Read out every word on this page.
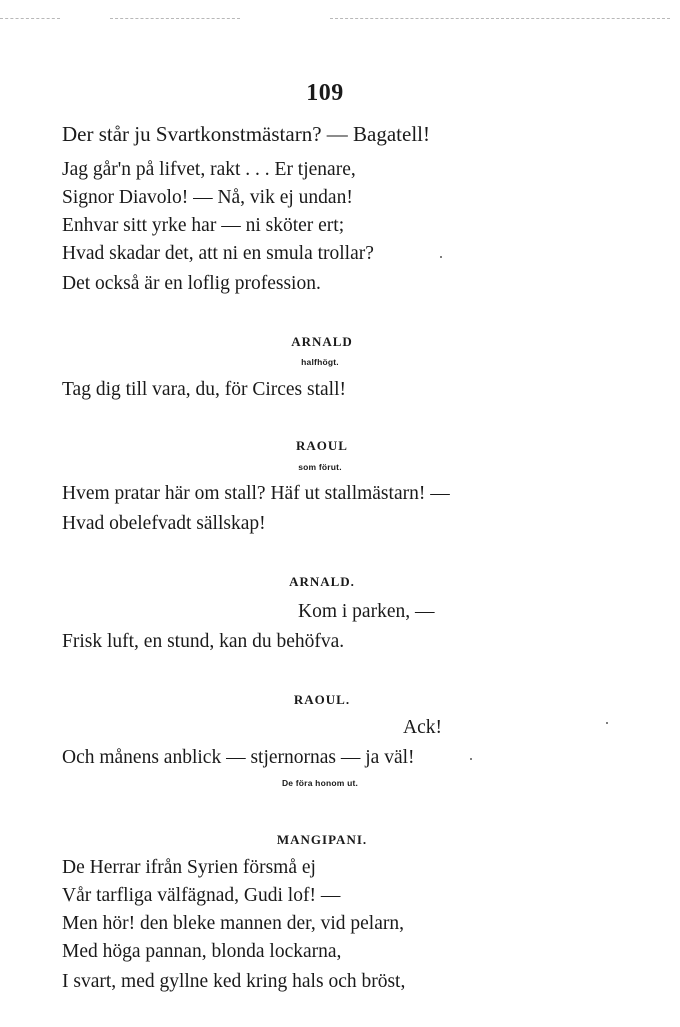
109
Der står ju Svartkonstmästarn? — Bagatell!
Jag går'n på lifvet, rakt . . . Er tjenare,
Signor Diavolo! — Nå, vik ej undan!
Enhvar sitt yrke har — ni sköter ert;
Hvad skadar det, att ni en smula trollar?
Det också är en loflig profession.
ARNALD
halfhögt.
Tag dig till vara, du, för Circes stall!
RAOUL
som förut.
Hvem pratar här om stall? Häf ut stallmästarn! —
Hvad obelefvadt sällskap!
ARNALD.
Kom i parken, —
Frisk luft, en stund, kan du behöfva.
RAOUL.
Ack!
Och månens anblick — stjernornas — ja väl!
De föra honom ut.
MANGIPANI.
De Herrar ifrån Syrien försmå ej
Vår tarfliga välfägnad, Gudi lof! —
Men hör! den bleke mannen der, vid pelarn,
Med höga pannan, blonda lockarna,
I svart, med gyllne ked kring hals och bröst,
